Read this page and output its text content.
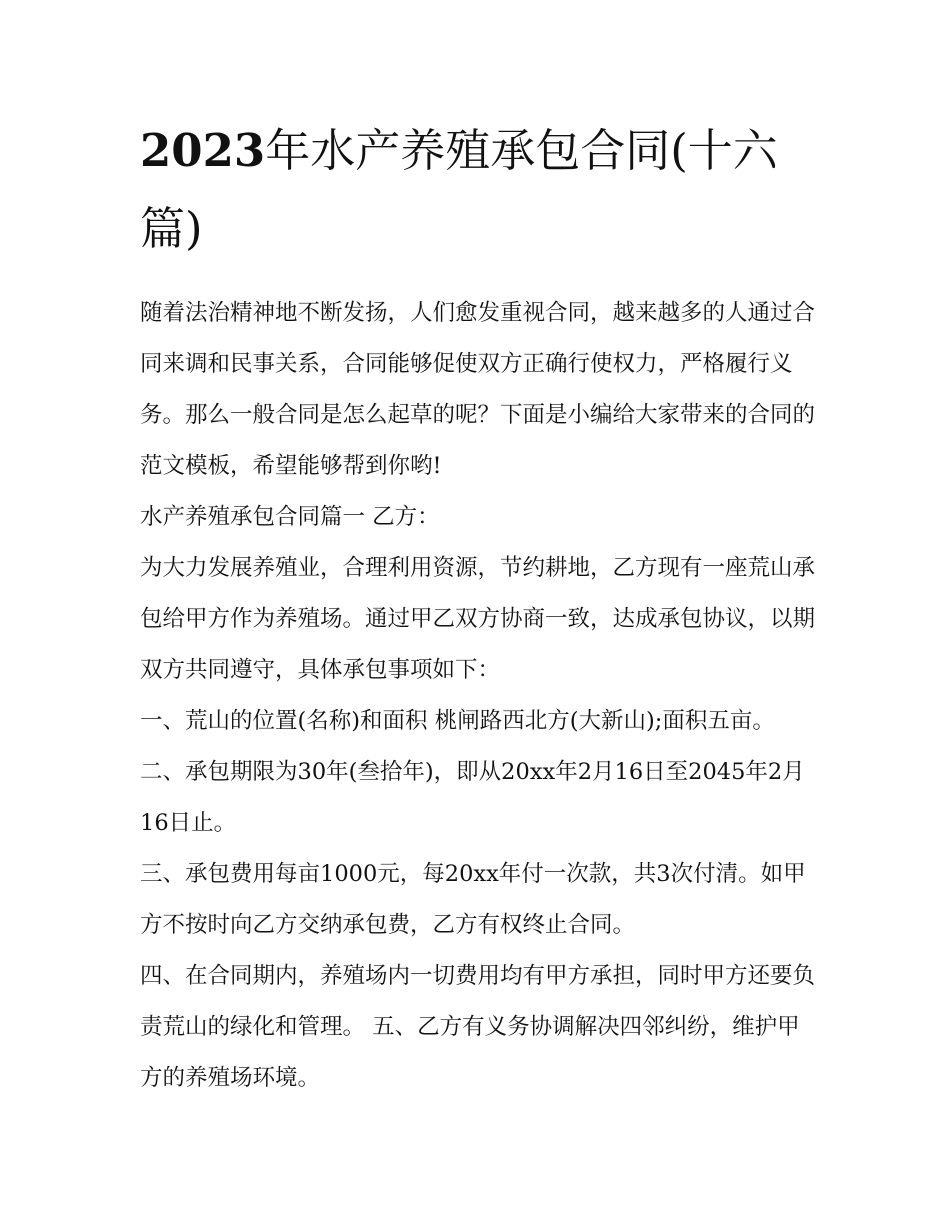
2023年水产养殖承包合同(十六篇)

随着法治精神地不断发扬，人们愈发重视合同，越来越多的人通过合同来调和民事关系，合同能够促使双方正确行使权力，严格履行义务。那么一般合同是怎么起草的呢？下面是小编给大家带来的合同的范文模板，希望能够帮到你哟!

水产养殖承包合同篇一 乙方：

为大力发展养殖业，合理利用资源，节约耕地，乙方现有一座荒山承包给甲方作为养殖场。通过甲乙双方协商一致，达成承包协议，以期双方共同遵守，具体承包事项如下：

一、荒山的位置(名称)和面积 桃闸路西北方(大新山);面积五亩。 二、承包期限为30年(叁拾年)，即从20xx年2月16日至2045年2月16日止。

三、承包费用每亩1000元，每20xx年付一次款，共3次付清。如甲方不按时向乙方交纳承包费，乙方有权终止合同。

四、在合同期内，养殖场内一切费用均有甲方承担，同时甲方还要负责荒山的绿化和管理。 五、乙方有义务协调解决四邻纠纷，维护甲方的养殖场环境。
